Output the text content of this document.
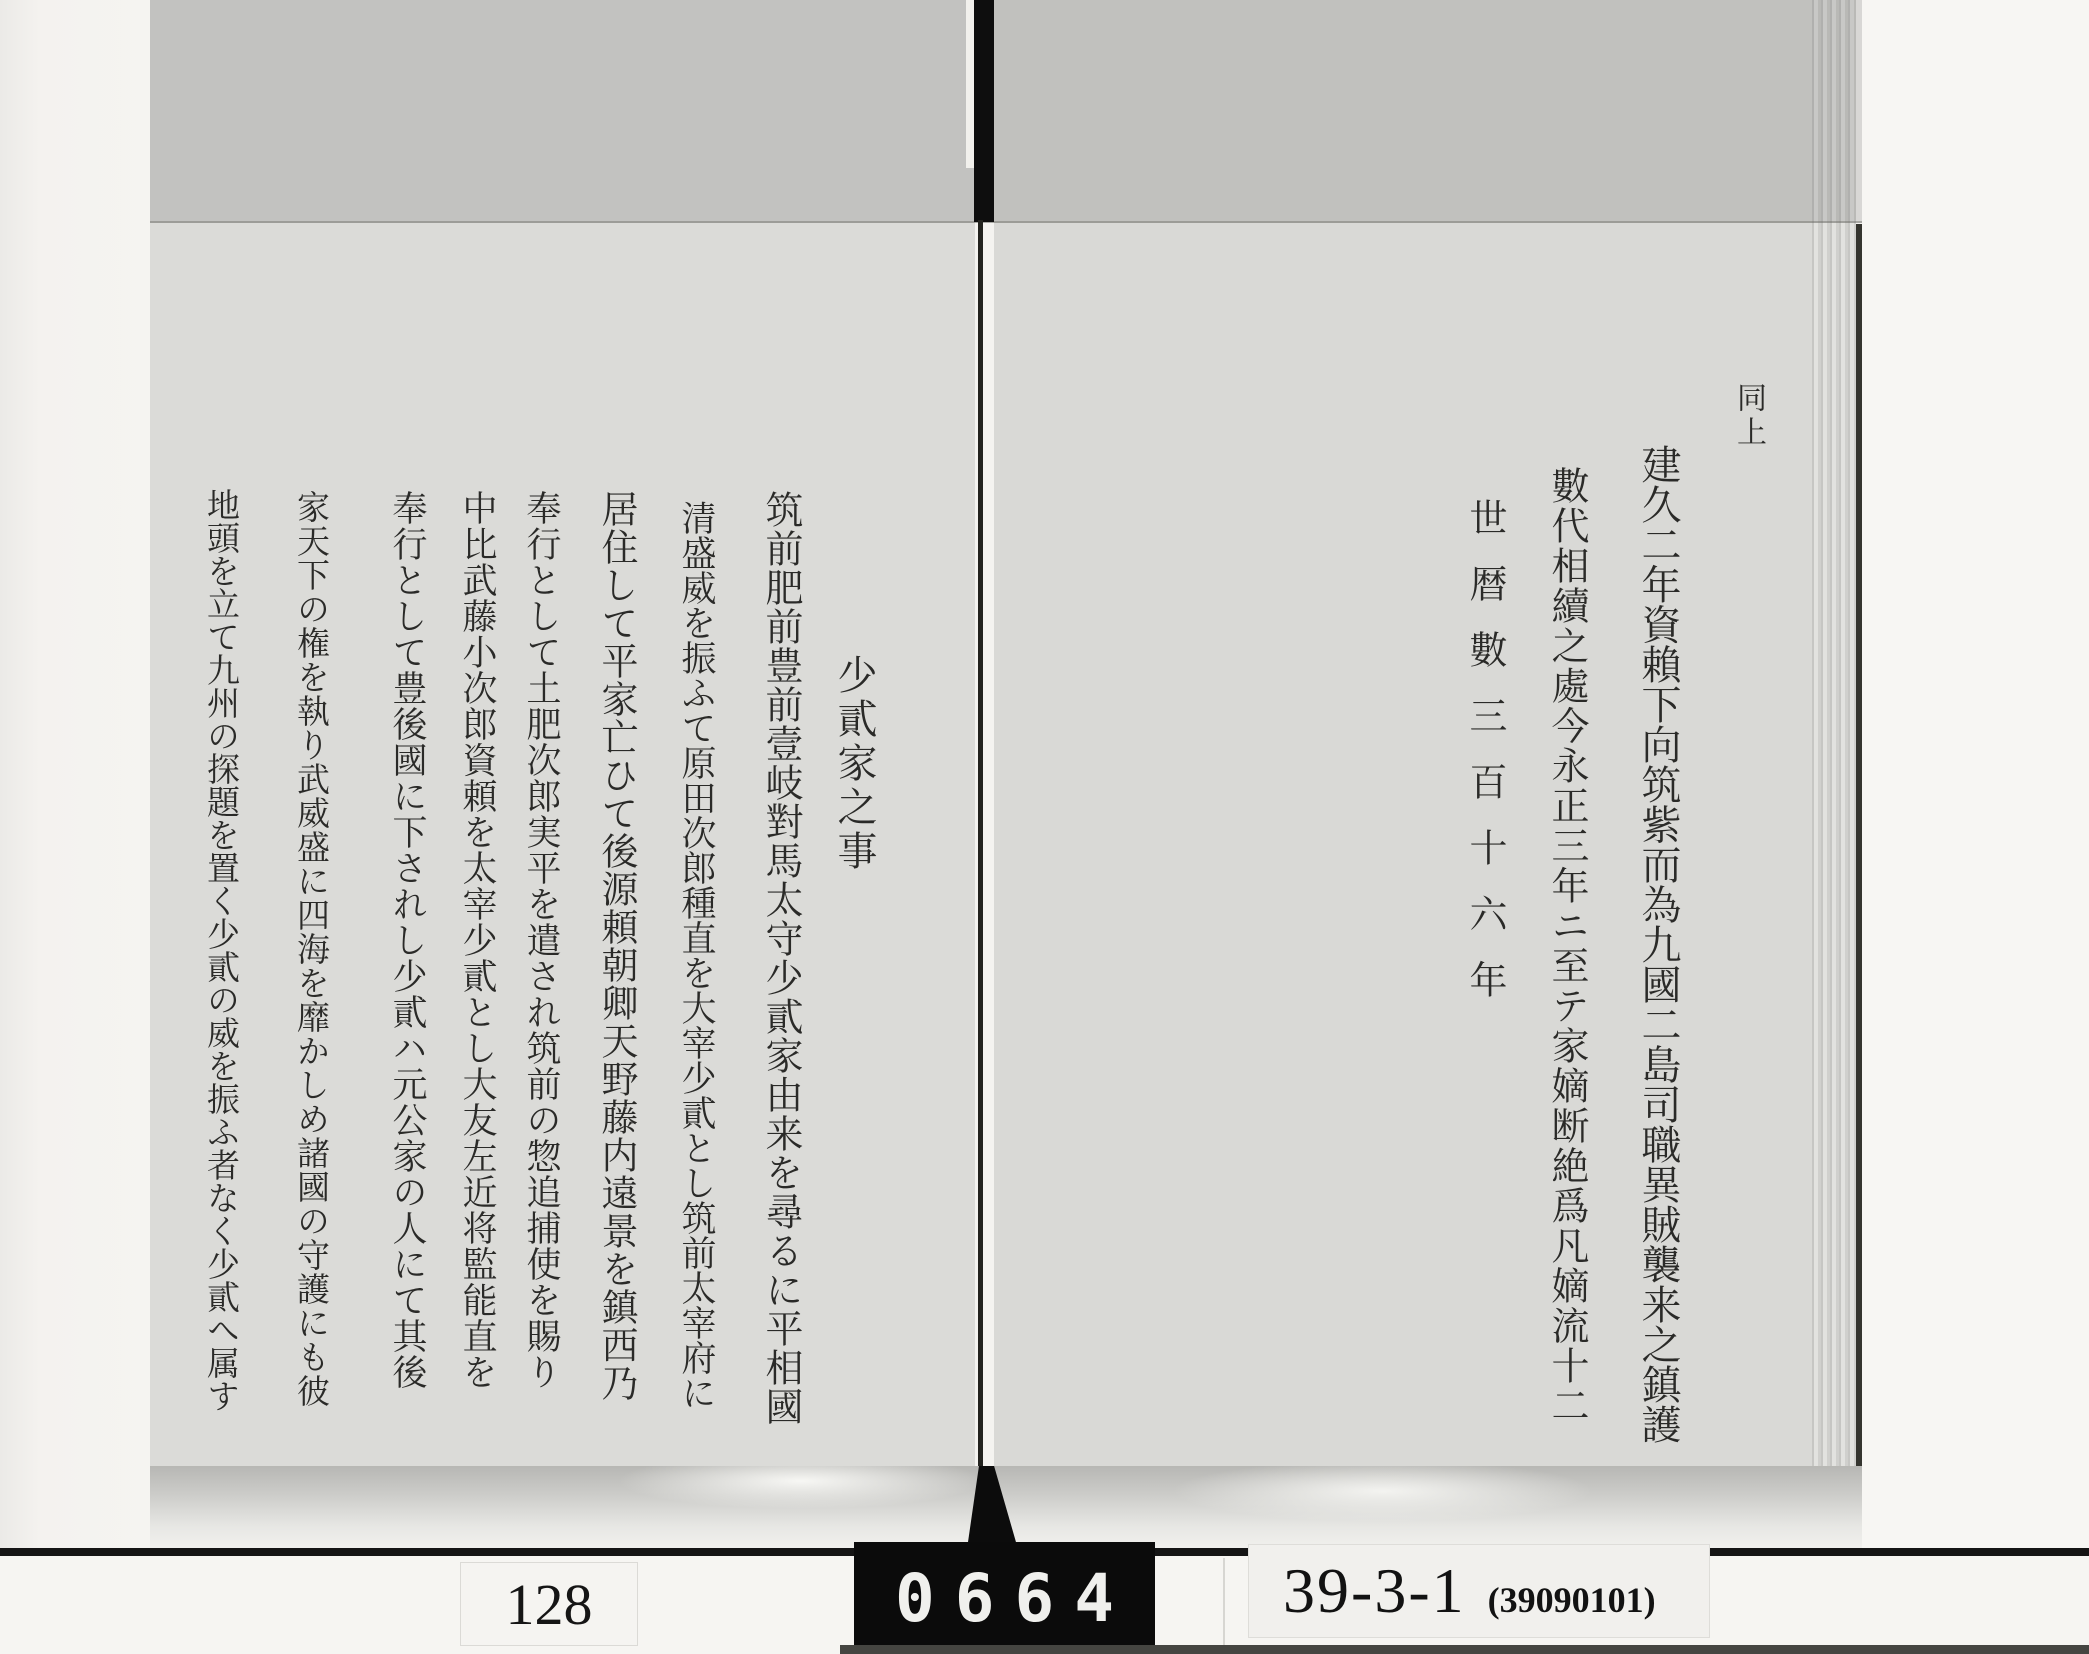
少貳家之事
筑前肥前豊前壹岐對馬太守少貳家由来を尋るに平相國
清盛威を振ふて原田次郎種直を大宰少貳とし筑前太宰府に
居住して平家亡ひて後源頼朝卿天野藤内遠景を鎮西乃
奉行として土肥次郎実平を遣され筑前の惣追捕使を賜り
中比武藤小次郎資頼を太宰少貳とし大友左近将監能直を
奉行として豊後國に下されし少貳ハ元公家の人にて其後
家天下の権を執り武威盛に四海を靡かしめ諸國の守護にも彼
地頭を立て九州の探題を置く少貳の威を振ふ者なく少貳へ属す
同上
建久二年資賴下向筑紫而為九國二島司職異賊襲来之鎮護
數代相續之處今永正三年ニ至テ家嫡断絶爲凡嫡流十二
世暦數三百十六年
128	0664 39-3-1 (39090101)
